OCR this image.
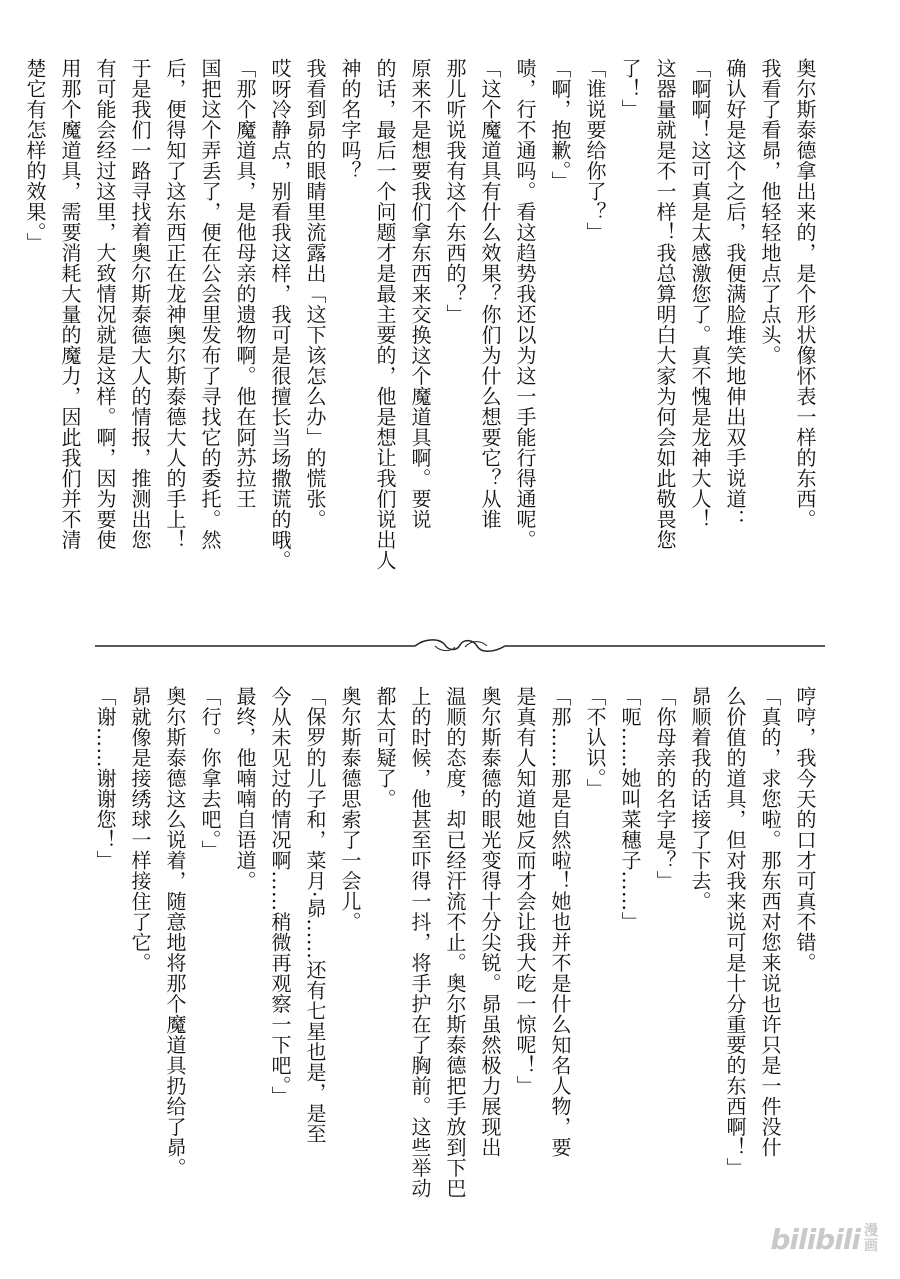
奥尔斯泰德拿出来的，是个形状像怀表一样的东西。
我看了看昴，他轻轻地点了点头。
确认好是这个之后，我便满脸堆笑地伸出双手说道：
「啊啊！这可真是太感激您了。真不愧是龙神大人！
这器量就是不一样！我总算明白大家为何会如此敬畏您
了！」
「谁说要给你了？」
「啊，抱歉。」
啧，行不通吗。看这趋势我还以为这一手能行得通呢。
「这个魔道具有什么效果？你们为什么想要它？从谁
那儿听说我有这个东西的？」
原来不是想要我们拿东西来交换这个魔道具啊。要说
的话，最后一个问题才是最主要的，他是想让我们说出人
神的名字吗？
我看到昴的眼睛里流露出「这下该怎么办」的慌张。
哎呀冷静点，别看我这样，我可是很擅长当场撒谎的哦。
「那个魔道具，是他母亲的遗物啊。他在阿苏拉王
国把这个弄丢了，便在公会里发布了寻找它的委托。然
后，便得知了这东西正在龙神奥尔斯泰德大人的手上！
于是我们一路寻找着奥尔斯泰德大人的情报，推测出您
有可能会经过这里，大致情况就是这样。啊，因为要使
用那个魔道具，需要消耗大量的魔力，因此我们并不清
楚它有怎样的效果。」
哼哼，我今天的口才可真不错。
「真的，求您啦。那东西对您来说也许只是一件没什
么价值的道具，但对我来说可是十分重要的东西啊！」
昴顺着我的话接了下去。
「你母亲的名字是？」
「呃……她叫菜穗子……」
「不认识。」
「那……那是自然啦！她也并不是什么知名人物，要
是真有人知道她反而才会让我大吃一惊呢！」
奥尔斯泰德的眼光变得十分尖锐。昴虽然极力展现出
温顺的态度，却已经汗流不止。奥尔斯泰德把手放到下巴
上的时候，他甚至吓得一抖，将手护在了胸前。这些举动
都太可疑了。
奥尔斯泰德思索了一会儿。
「保罗的儿子和，菜月·昴……还有七星也是，是至
今从未见过的情况啊……稍微再观察一下吧。」
最终，他喃喃自语道。
「行。你拿去吧。」
奥尔斯泰德这么说着，随意地将那个魔道具扔给了昴。
昴就像是接绣球一样接住了它。
「谢……谢谢您！」
bilibili 漫
画
